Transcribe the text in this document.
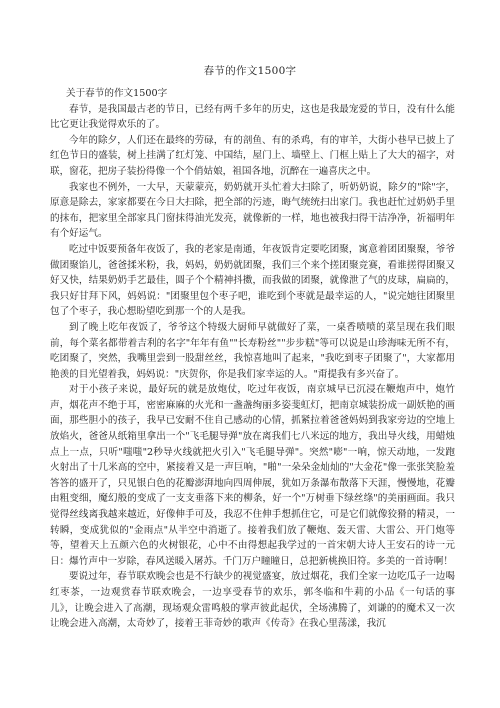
春节的作文1500字

关于春节的作文1500字

春节，是我国最古老的节日，已经有两千多年的历史，这也是我最宠爱的节日，没有什么能比它更让我觉得欢乐的了。

今年的除夕，人们还在最终的劳碌，有的剖鱼、有的杀鸡，有的审羊，大街小巷早已披上了红色节日的盛装，树上挂满了红灯笼、中国结，屋门上、墙壁上、门框上贴上了大大的福字，对联，窗花，把房子装扮得像一个个俏姑娘，祖国各地，沉醉在一遍喜庆之中。

我家也不例外，一大早，天蒙蒙亮，奶奶就开头忙着大扫除了，听奶奶说，除夕的"除"字，原意是除去，家家都要在今日大扫除，把全部的污迹，晦气统统扫出家门。我也赶忙过奶奶手里的抹布，把家里全部家具门窗抹得油光发亮，就像新的一样，地也被我扫得干洁净净，祈福明年有个好运气。

吃过中饭要预备年夜饭了，我的老家是南通，年夜饭肯定要吃团聚，寓意着团团聚聚，爷爷做团聚馅儿，爸爸揉米粉，我，妈妈，奶奶就团聚，我们三个来个搓团聚竞赛，看谁搓得团聚又好又快，结果奶奶手艺最佳，圆子个个精神抖擞，而我做的团聚，就像泄了气的皮球，扁扁的，我只好甘拜下风，妈妈说："团聚里包个枣子吧，谁吃到个枣就是最幸运的人，"说完她往团聚里包了个枣子，我心想盼望吃到那一个的人是我。

到了晚上吃年夜饭了，爷爷这个特级大厨师早就做好了菜，一桌香喷喷的菜呈现在我们眼前，每个菜名都带着吉利的名字"年年有鱼""长寿粉丝""步步糕"等可以说是山珍海味无所不有，吃团聚了，突然，我嘴里尝到一股甜丝丝，我惊喜地叫了起来，"我吃到枣子团聚了"，大家都用艳羡的目光望着我，妈妈说："庆贺你，你是我们家幸运的人。"甭提我有多兴奋了。

对于小孩子来说，最好玩的就是放炮仗，吃过年夜饭，南京城早已沉浸在鞭炮声中，炮竹声，烟花声不绝于耳，密密麻麻的火光和一盏盏绚丽多姿斐虹灯，把南京城装扮成一副妖艳的画面，那些胆小的孩子，我早已安耐不住自己感动的心情，抓紧拉着爸爸妈妈到我家旁边的空地上放焰火，爸爸从纸箱里拿出一个"飞毛腿导弹"放在离我们七八米远的地方，我出导火线，用蜡烛点上一点，只听"嗤嗤"2秒导火线就把火引入"飞毛腿导弹"。突然"嘭"一响，惊天动地，一发跑火射出了十几米高的空中，紧接着又是一声巨响，"啪"一朵朵金灿灿的"大金花"像一张张笑脸羞答答的盛开了，只见银白色的花瓣澎湃地向四周伸展，犹如万条瀑布散落下天涯，慢慢地，花瓣由粗变细，魔幻般的变成了一支支垂落下来的柳条，好一个"万树垂下绿丝绦"的美丽画面。我只觉得丝线离我越来越近，好像伸手可及，我忍不住伸手想抓住它，可是它们就像狡猾的精灵，一转瞬，变成犹似的"金雨点"从半空中消逝了。接着我们放了鞭炮、轰天雷、大雷公、开门炮等等，望着天上五颜六色的火树银花，心中不由得想起我学过的一首宋朝大诗人王安石的诗一元日：爆竹声中一岁除，春风送暖入屠苏。千门万户瞳瞳日，总把新桃换旧符。多美的一首诗啊！

要说过年，春节联欢晚会也是不行缺少的视觉盛宴，放过烟花，我们全家一边吃瓜子一边喝红枣茶，一边观赏春节联欢晚会，一边享受春节的欢乐，郭冬临和牛莉的小品《一句话的事儿》，让晚会进入了高潮，现场观众雷鸣般的掌声彼此起伏，全场沸腾了，刘谦的的魔术又一次让晚会进入高潮，太奇妙了，接着王菲奇妙的歌声《传奇》在我心里荡漾，我沉
